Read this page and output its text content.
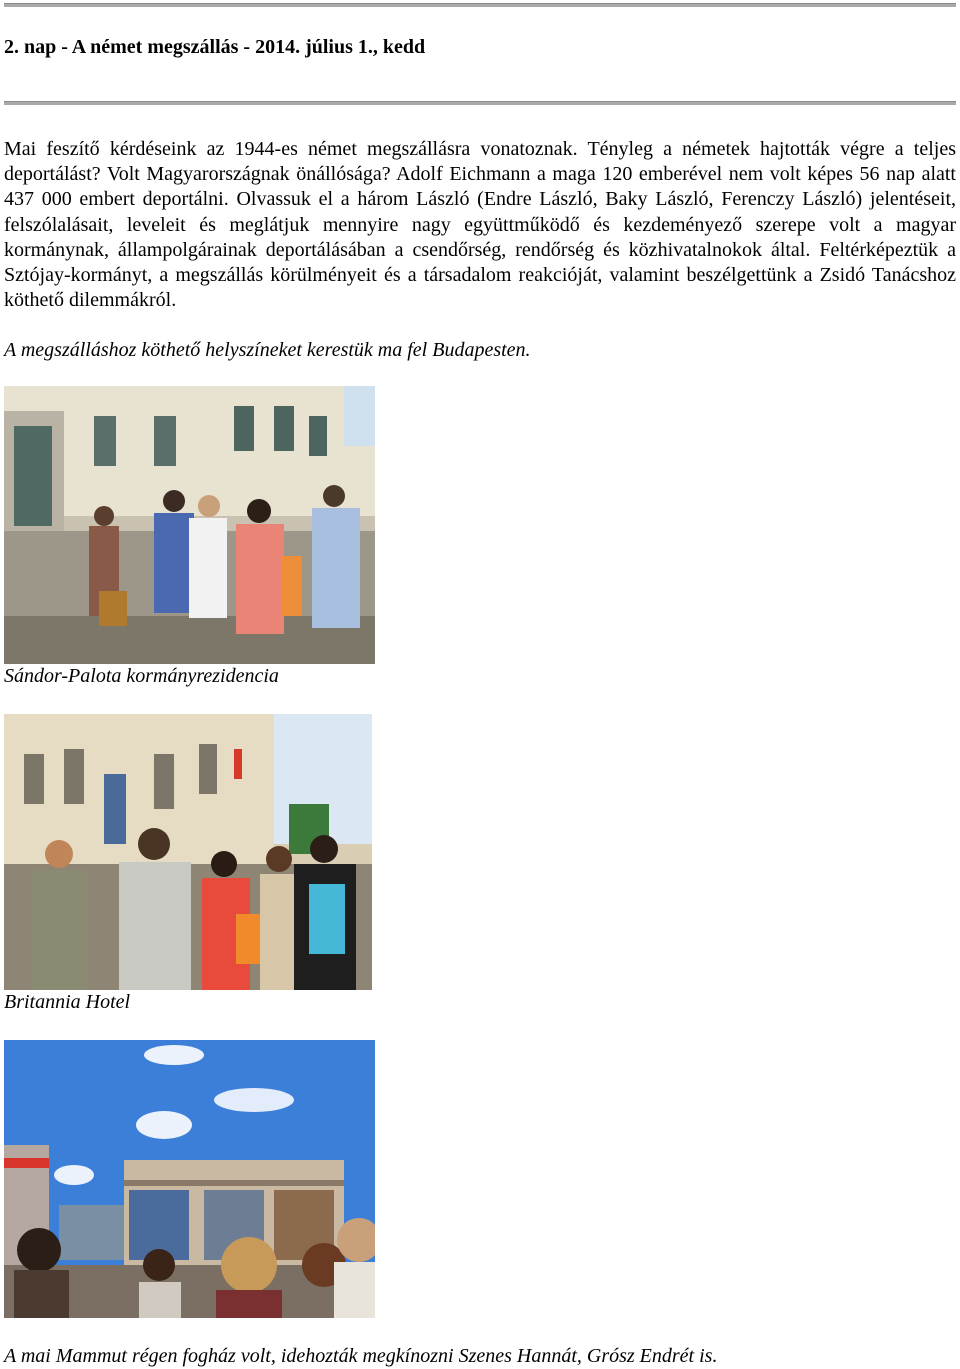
2. nap - A német megszállás - 2014. július 1., kedd

Mai feszítő kérdéseink az 1944-es német megszállásra vonatoznak. Tényleg a németek hajtották végre a teljes deportálást? Volt Magyarországnak önállósága? Adolf Eichmann a maga 120 emberével nem volt képes 56 nap alatt 437 000 embert deportálni. Olvassuk el a három László (Endre László, Baky László, Ferenczy László) jelentéseit, felszólalásait, leveleit és meglátjuk mennyire nagy együttműködő és kezdeményező szerepe volt a magyar kormánynak, állampolgárainak deportálásában a csendőrség, rendőrség és közhivatalnokok által. Feltérképeztük a Sztójay-kormányt, a megszállás körülményeit és a társadalom reakcióját, valamint beszélgettünk a Zsidó Tanácshoz köthető dilemmákról.

A megszálláshoz köthető helyszíneket kerestük ma fel Budapesten.

Sándor-Palota kormányrezidencia

Britannia Hotel

A mai Mammut régen fogház volt, idehozták megkínozni Szenes Hannát, Grósz Endrét is.
